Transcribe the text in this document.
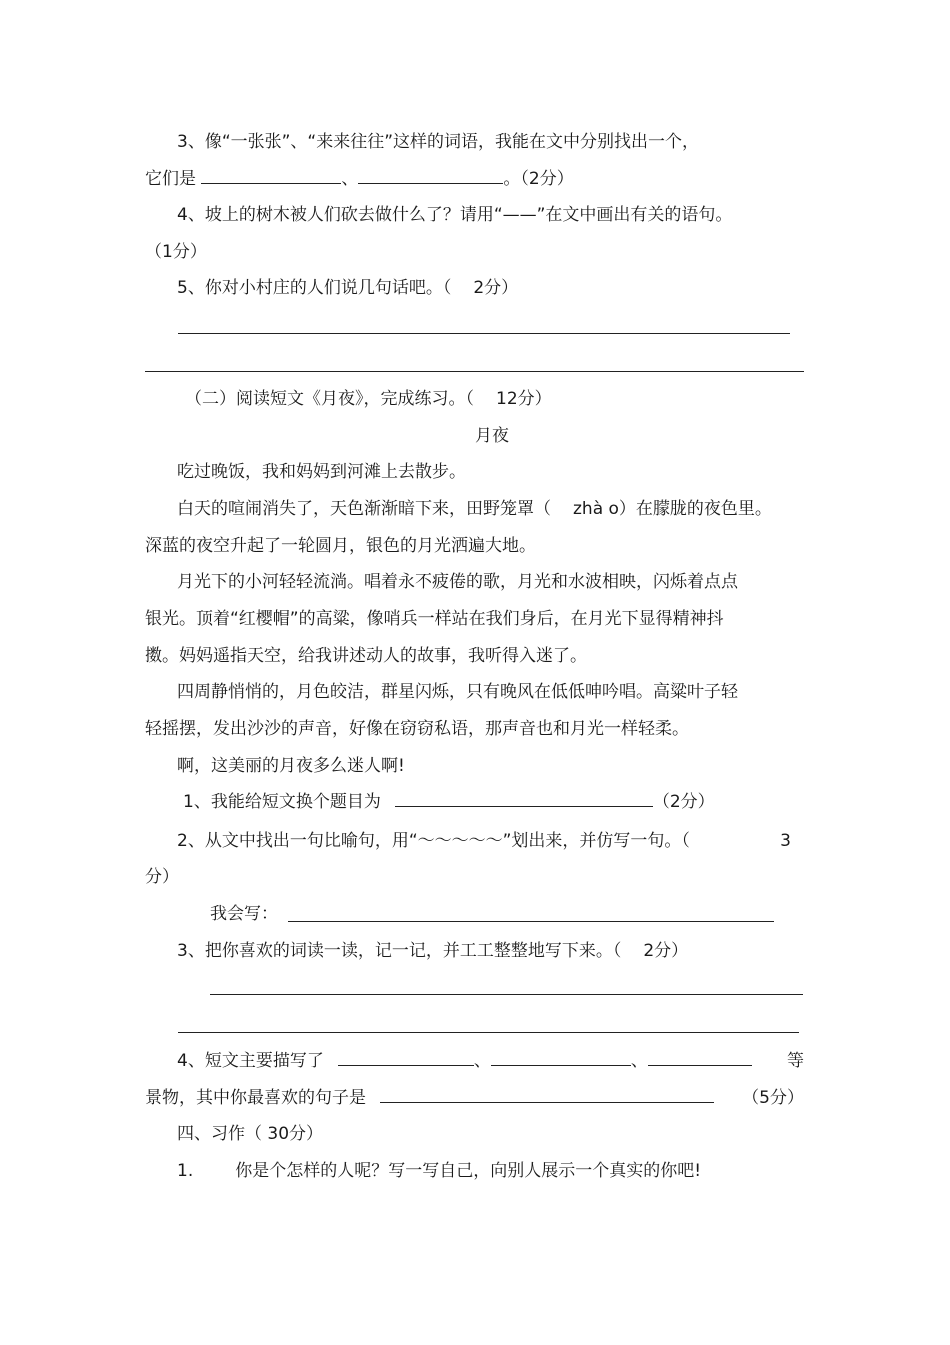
3、像“一张张”、“来来往往”这样的词语，我能在文中分别找出一个，
它们是	、	。（2分）
4、坡上的树木被人们砍去做什么了？请用“——”在文中画出有关的语句。
（1分）
5、你对小村庄的人们说几句话吧。（ 2分）
（二）阅读短文《月夜》，完成练习。（ 12分）
月夜
吃过晚饭，我和妈妈到河滩上去散步。
白天的喧闹消失了，天色渐渐暗下来，田野笼罩（ zhà o）在朦胧的夜色里。
深蓝的夜空升起了一轮圆月，银色的月光洒遍大地。
月光下的小河轻轻流淌。唱着永不疲倦的歌，月光和水波相映，闪烁着点点
银光。顶着“红樱帽”的高粱，像哨兵一样站在我们身后，在月光下显得精神抖
擞。妈妈遥指天空，给我讲述动人的故事，我听得入迷了。
四周静悄悄的，月色皎洁，群星闪烁，只有晚风在低低呻吟唱。高粱叶子轻
轻摇摆，发出沙沙的声音，好像在窃窃私语，那声音也和月光一样轻柔。
啊，这美丽的月夜多么迷人啊!
1、我能给短文换个题目为	（2分）
2、从文中找出一句比喻句，用“～～～～～”划出来，并仿写一句。（	3
分）
我会写：
3、把你喜欢的词读一读，记一记，并工工整整地写下来。（ 2分）
4、短文主要描写了	、	、	等
景物，其中你最喜欢的句子是	（5分）
四、习作（ 30分）
1. 你是个怎样的人呢？写一写自己，向别人展示一个真实的你吧!
